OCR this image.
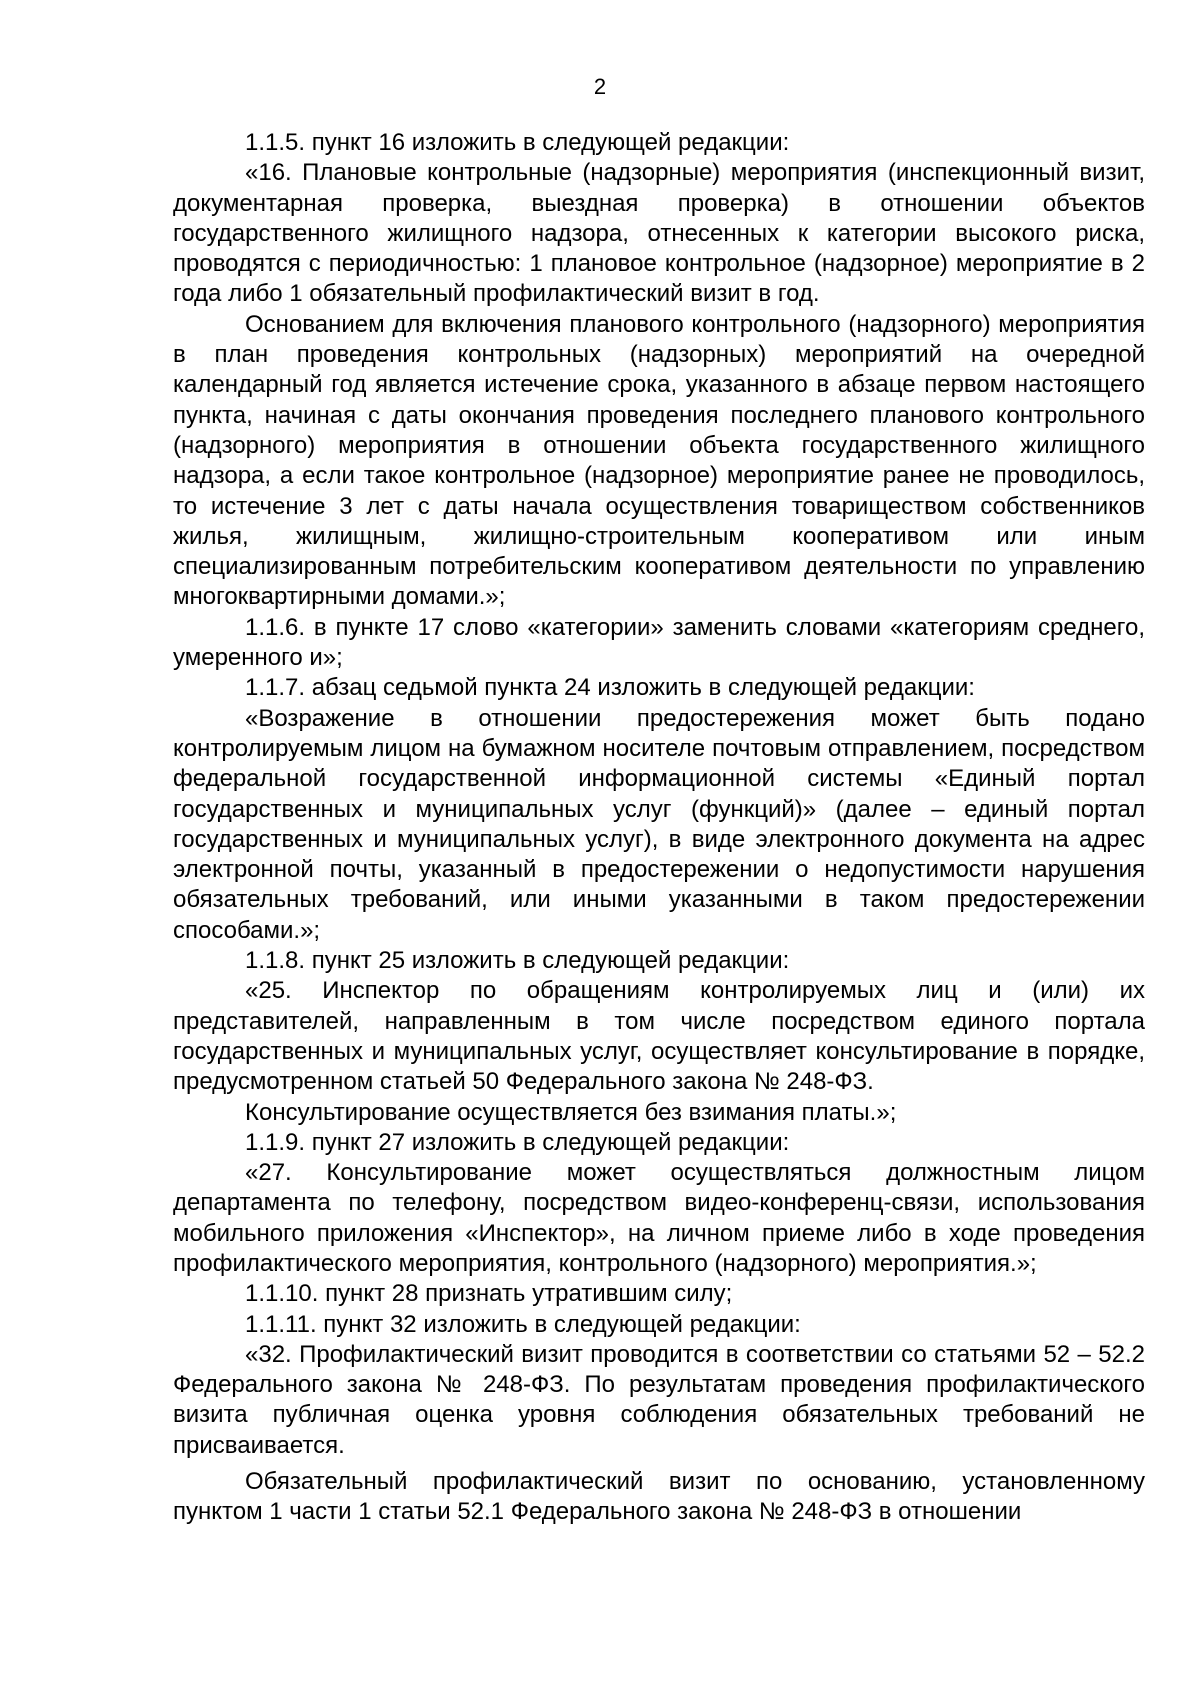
2

1.1.5. пункт 16 изложить в следующей редакции:

«16. Плановые контрольные (надзорные) мероприятия (инспекционный визит, документарная проверка, выездная проверка) в отношении объектов государственного жилищного надзора, отнесенных к категории высокого риска, проводятся с периодичностью: 1 плановое контрольное (надзорное) мероприятие в 2 года либо 1 обязательный профилактический визит в год.

Основанием для включения планового контрольного (надзорного) мероприятия в план проведения контрольных (надзорных) мероприятий на очередной календарный год является истечение срока, указанного в абзаце первом настоящего пункта, начиная с даты окончания проведения последнего планового контрольного (надзорного) мероприятия в отношении объекта государственного жилищного надзора, а если такое контрольное (надзорное) мероприятие ранее не проводилось, то истечение 3 лет с даты начала осуществления товариществом собственников жилья, жилищным, жилищно-строительным кооперативом или иным специализированным потребительским кооперативом деятельности по управлению многоквартирными домами.»;

1.1.6. в пункте 17 слово «категории» заменить словами «категориям среднего, умеренного и»;

1.1.7. абзац седьмой пункта 24 изложить в следующей редакции:

«Возражение в отношении предостережения может быть подано контролируемым лицом на бумажном носителе почтовым отправлением, посредством федеральной государственной информационной системы «Единый портал государственных и муниципальных услуг (функций)» (далее – единый портал государственных и муниципальных услуг), в виде электронного документа на адрес электронной почты, указанный в предостережении о недопустимости нарушения обязательных требований, или иными указанными в таком предостережении способами.»;

1.1.8. пункт 25 изложить в следующей редакции:

«25. Инспектор по обращениям контролируемых лиц и (или) их представителей, направленным в том числе посредством единого портала государственных и муниципальных услуг, осуществляет консультирование в порядке, предусмотренном статьей 50 Федерального закона № 248-ФЗ.

Консультирование осуществляется без взимания платы.»;

1.1.9. пункт 27 изложить в следующей редакции:

«27. Консультирование может осуществляться должностным лицом департамента по телефону, посредством видео-конференц-связи, использования мобильного приложения «Инспектор», на личном приеме либо в ходе проведения профилактического мероприятия, контрольного (надзорного) мероприятия.»;

1.1.10. пункт 28 признать утратившим силу;

1.1.11. пункт 32 изложить в следующей редакции:

«32. Профилактический визит проводится в соответствии со статьями 52 – 52.2 Федерального закона № 248-ФЗ. По результатам проведения профилактического визита публичная оценка уровня соблюдения обязательных требований не присваивается.

Обязательный профилактический визит по основанию, установленному пунктом 1 части 1 статьи 52.1 Федерального закона № 248-ФЗ в отношении
